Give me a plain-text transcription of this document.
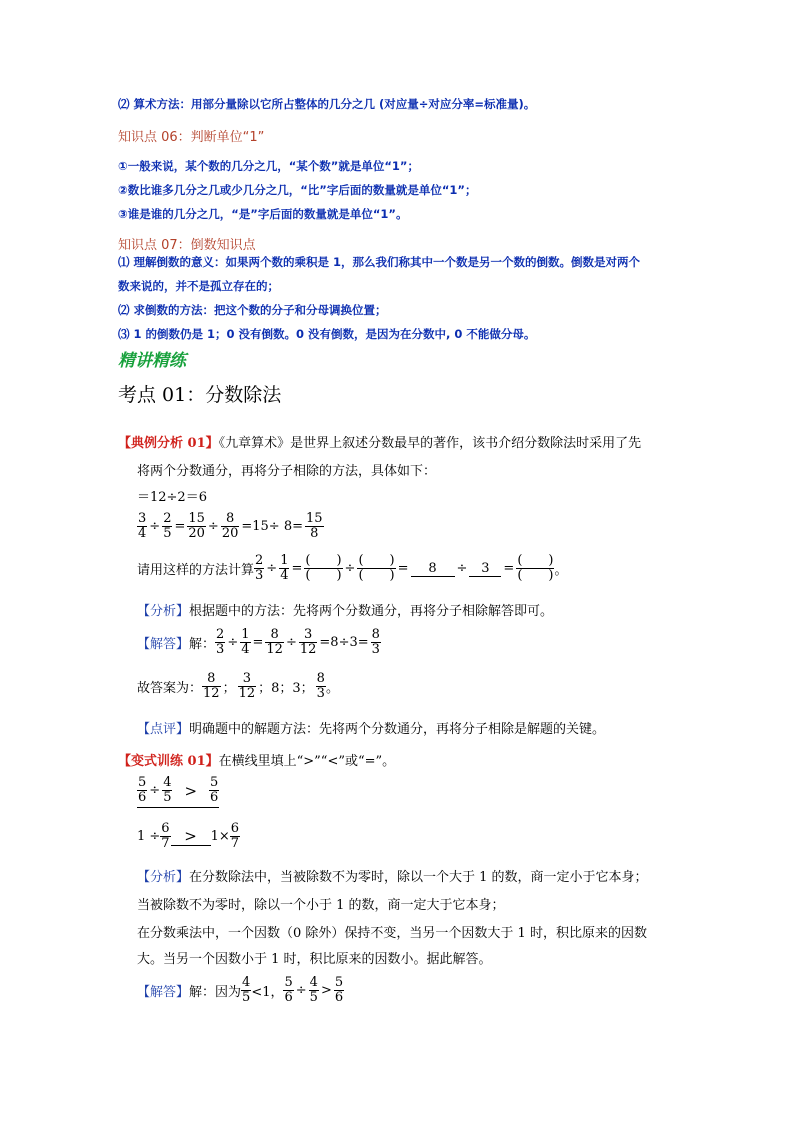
⑵ 算术方法：用部分量除以它所占整体的几分之几 (对应量÷对应分率=标准量)。
知识点 06：判断单位“1”
①一般来说，某个数的几分之几，“某个数”就是单位“1”；
②数比谁多几分之几或少几分之几，“比”字后面的数量就是单位“1”；
③谁是谁的几分之几，“是”字后面的数量就是单位“1”。
知识点 07：倒数知识点
⑴ 理解倒数的意义：如果两个数的乘积是 1，那么我们称其中一个数是另一个数的倒数。倒数是对两个
数来说的，并不是孤立存在的；
⑵ 求倒数的方法：把这个数的分子和分母调换位置；
⑶ 1 的倒数仍是 1；0 没有倒数。0 没有倒数，是因为在分数中, 0 不能做分母。
精讲精练
考点 01：分数除法
【典例分析 01】《九章算术》是世界上叙述分数最早的著作，该书介绍分数除法时采用了先
将两个分数通分，再将分子相除的方法，具体如下：
＝12÷2＝6
$\frac{3}{4} \div \frac{2}{5} = \frac{15}{20} \div \frac{8}{20} =15\div 8= \frac{15}{8}$
请用这样的方法计算 $\frac{2}{3} \div \frac{1}{4} = \frac{( )}{( )} \div \frac{( )}{( )}$ =	8	÷	3	= $\frac{( )}{( )}$ 。
【分析】根据题中的方法：先将两个分数通分，再将分子相除解答即可。
【解答】 解： $\frac{2}{3} \div \frac{1}{4} = \frac{8}{12} \div \frac{3}{12} =8\div 3= \frac{8}{3}$
故答案为： $\frac{8}{12}$ ； $\frac{3}{12}$ ；8；3； $\frac{8}{3}$ 。
【点评】明确题中的解题方法：先将两个分数通分，再将分子相除是解题的关键。
【变式训练 01】在横线里填上“>”“<”或“=”。
$\frac{5}{6} \div \frac{4}{5} > \frac{5}{6}$
$1 \div \frac{6}{7}$ >	$1\times \frac{6}{7}$
【分析】在分数除法中，当被除数不为零时，除以一个大于 1 的数，商一定小于它本身；
当被除数不为零时，除以一个小于 1 的数，商一定大于它本身；
在分数乘法中，一个因数（0 除外）保持不变，当另一个因数大于 1 时，积比原来的因数
大。当另一个因数小于 1 时，积比原来的因数小。据此解答。
【解答】 解：因为 $\frac{4}{5} <1$， $\frac{5}{6} \div \frac{4}{5} > \frac{5}{6}$
